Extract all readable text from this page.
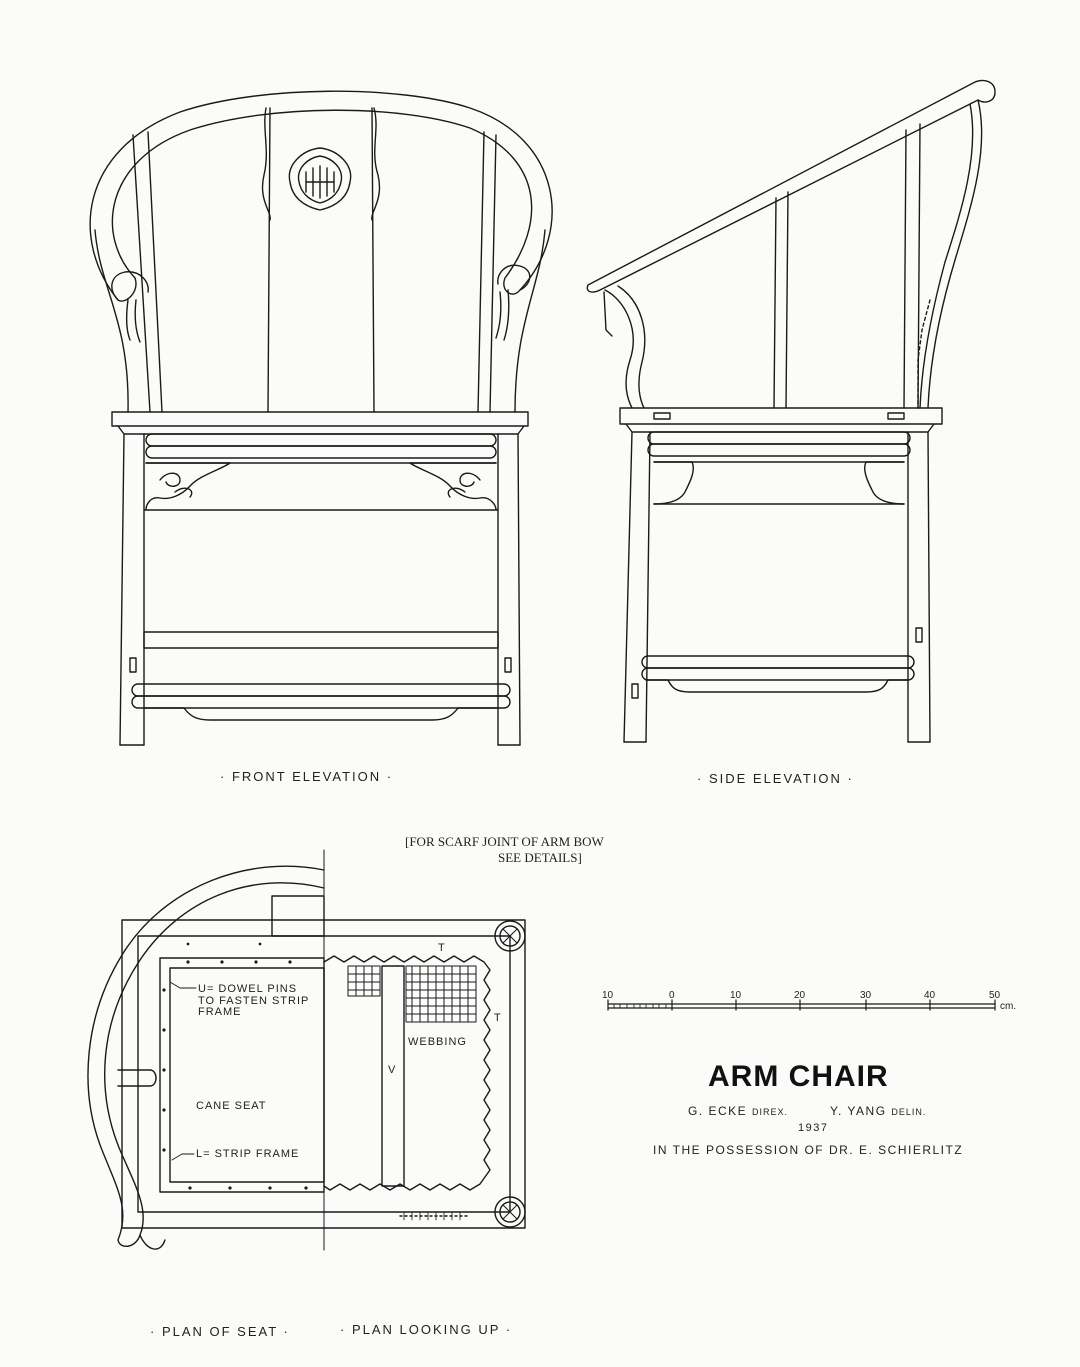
· FRONT ELEVATION ·	· SIDE ELEVATION ·
· PLAN OF SEAT ·	· PLAN LOOKING UP ·
[FOR SCARF JOINT OF ARM BOW
SEE DETAILS]
U= DOWEL PINS
TO FASTEN STRIP
FRAME
CANE SEAT
L= STRIP FRAME
WEBBING
V
T
T
10	0	10	20	30	40	50
cm.
ARM CHAIR
G. ECKE DIREX.	Y. YANG DELIN.
1937
IN THE POSSESSION OF DR. E. SCHIERLITZ
